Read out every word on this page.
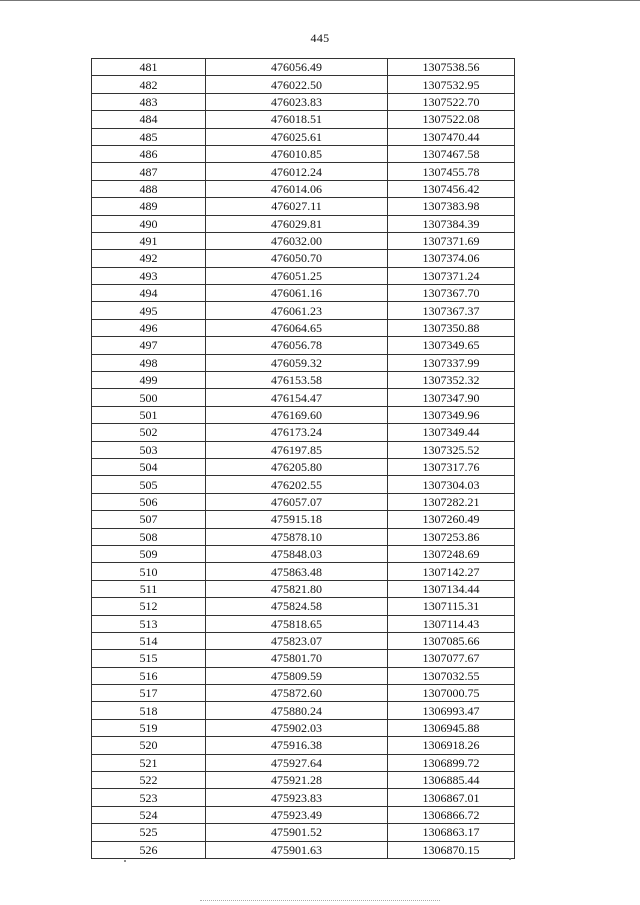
445
481	476056.49	1307538.56
482	476022.50	1307532.95
483	476023.83	1307522.70
484	476018.51	1307522.08
485	476025.61	1307470.44
486	476010.85	1307467.58
487	476012.24	1307455.78
488	476014.06	1307456.42
489	476027.11	1307383.98
490	476029.81	1307384.39
491	476032.00	1307371.69
492	476050.70	1307374.06
493	476051.25	1307371.24
494	476061.16	1307367.70
495	476061.23	1307367.37
496	476064.65	1307350.88
497	476056.78	1307349.65
498	476059.32	1307337.99
499	476153.58	1307352.32
500	476154.47	1307347.90
501	476169.60	1307349.96
502	476173.24	1307349.44
503	476197.85	1307325.52
504	476205.80	1307317.76
505	476202.55	1307304.03
506	476057.07	1307282.21
507	475915.18	1307260.49
508	475878.10	1307253.86
509	475848.03	1307248.69
510	475863.48	1307142.27
511	475821.80	1307134.44
512	475824.58	1307115.31
513	475818.65	1307114.43
514	475823.07	1307085.66
515	475801.70	1307077.67
516	475809.59	1307032.55
517	475872.60	1307000.75
518	475880.24	1306993.47
519	475902.03	1306945.88
520	475916.38	1306918.26
521	475927.64	1306899.72
522	475921.28	1306885.44
523	475923.83	1306867.01
524	475923.49	1306866.72
525	475901.52	1306863.17
526	475901.63	1306870.15
